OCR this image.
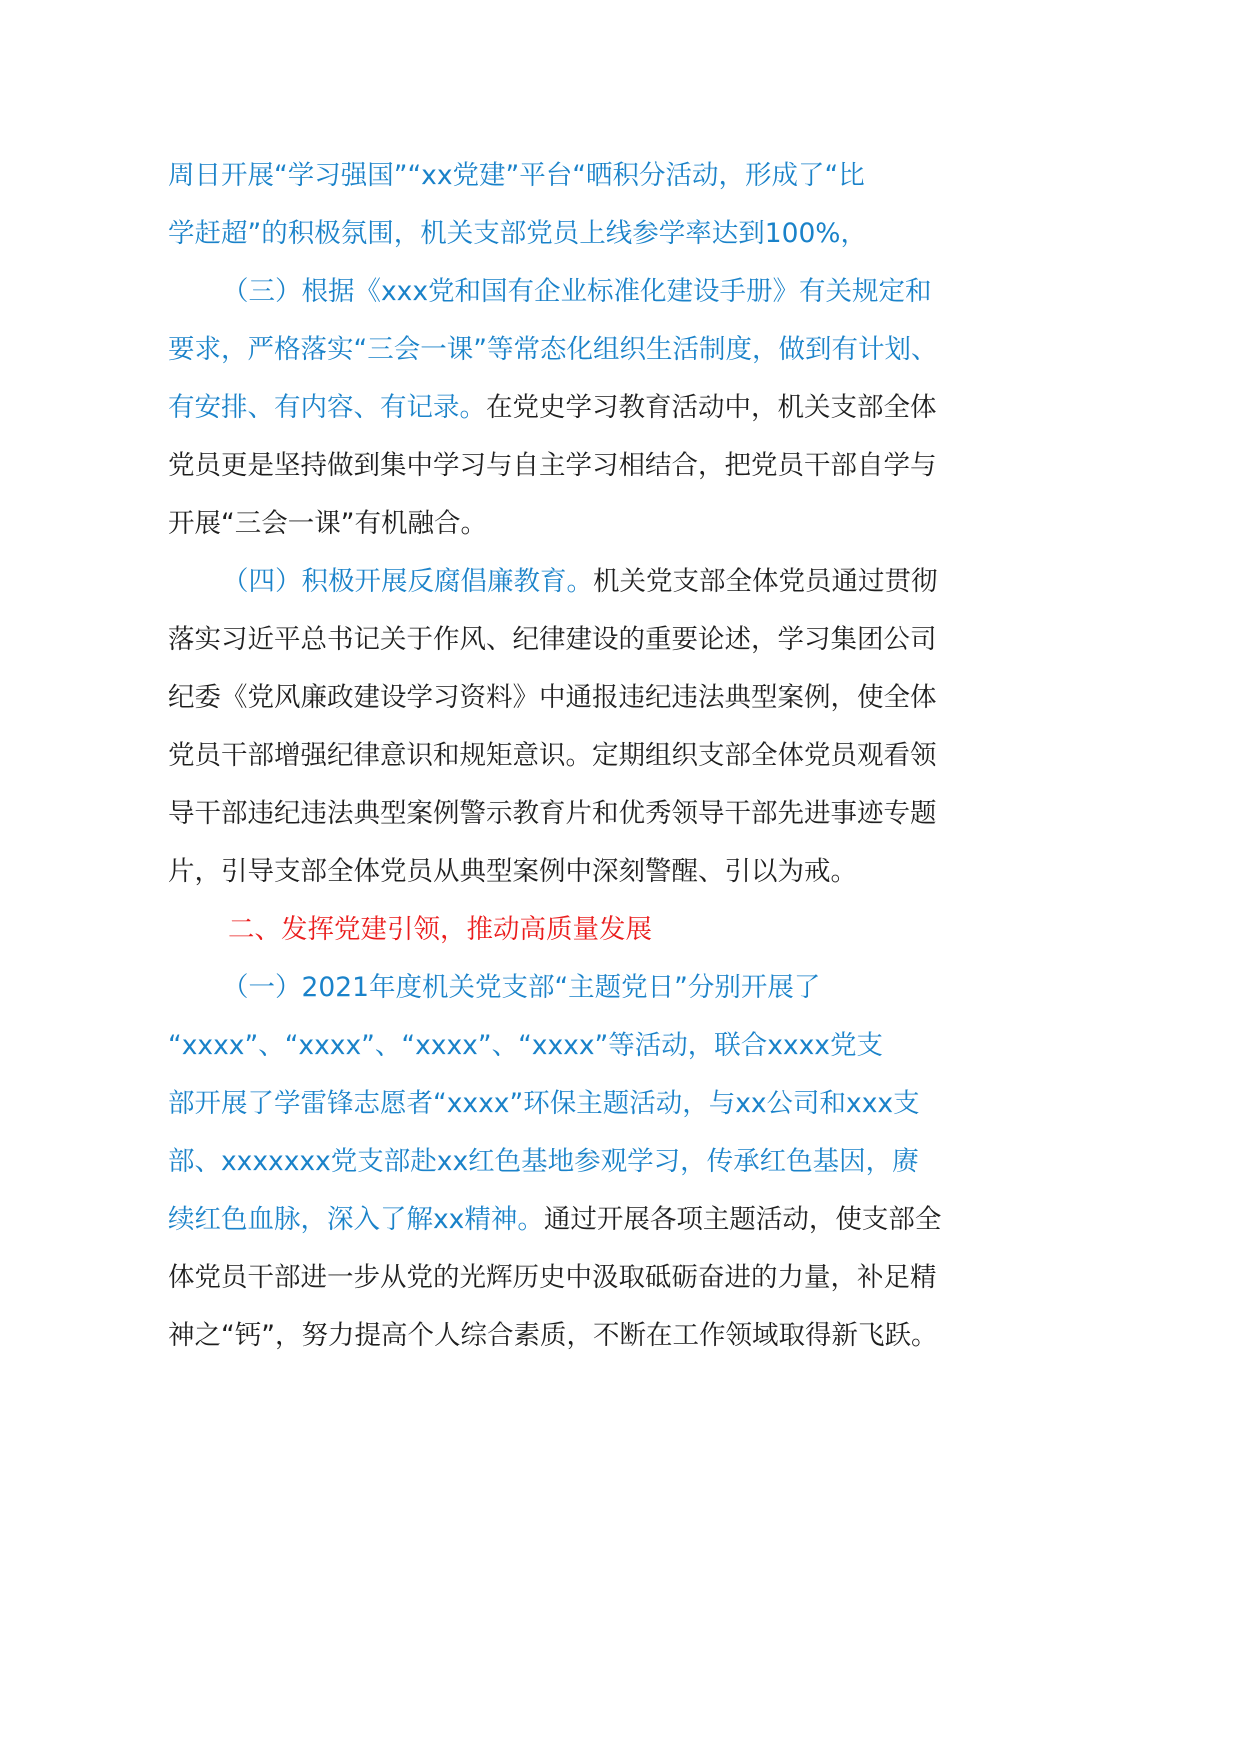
周日开展“学习强国”“xx党建”平台“晒积分活动，形成了“比
学赶超”的积极氛围，机关支部党员上线参学率达到100%，
（三）根据《xxx党和国有企业标准化建设手册》有关规定和
要求，严格落实“三会一课”等常态化组织生活制度，做到有计划、
有安排、有内容、有记录。在党史学习教育活动中，机关支部全体
党员更是坚持做到集中学习与自主学习相结合，把党员干部自学与
开展“三会一课”有机融合。
（四）积极开展反腐倡廉教育。机关党支部全体党员通过贯彻
落实习近平总书记关于作风、纪律建设的重要论述，学习集团公司
纪委《党风廉政建设学习资料》中通报违纪违法典型案例，使全体
党员干部增强纪律意识和规矩意识。定期组织支部全体党员观看领
导干部违纪违法典型案例警示教育片和优秀领导干部先进事迹专题
片，引导支部全体党员从典型案例中深刻警醒、引以为戒。
二、发挥党建引领，推动高质量发展
（一）2021年度机关党支部“主题党日”分别开展了
“xxxx”、“xxxx”、“xxxx”、“xxxx”等活动，联合xxxx党支
部开展了学雷锋志愿者“xxxx”环保主题活动，与xx公司和xxx支
部、xxxxxxx党支部赴xx红色基地参观学习，传承红色基因，赓
续红色血脉，深入了解xx精神。通过开展各项主题活动，使支部全
体党员干部进一步从党的光辉历史中汲取砥砺奋进的力量，补足精
神之“钙”，努力提高个人综合素质，不断在工作领域取得新飞跃。
